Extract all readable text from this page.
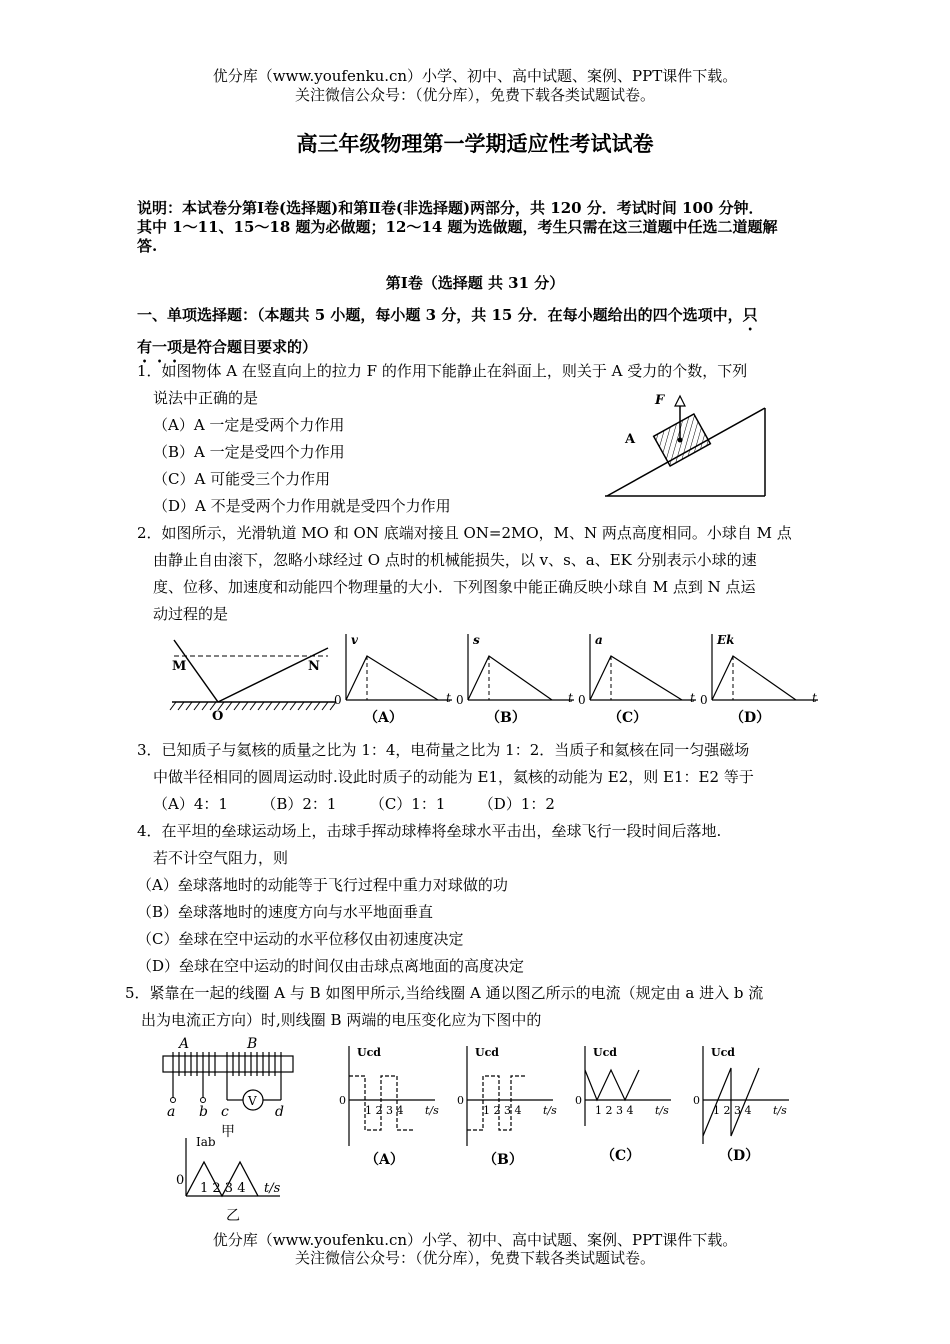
优分库（www.youfenku.cn）小学、初中、高中试题、案例、PPT课件下载。
关注微信公众号：（优分库），免费下载各类试题试卷。
高三年级物理第一学期适应性考试试卷
说明：本试卷分第Ⅰ卷(选择题)和第Ⅱ卷(非选择题)两部分，共 120 分．考试时间 100 分钟．
其中 1～11、15～18 题为必做题；12～14 题为选做题，考生只需在这三道题中任选二道题解
答.
第Ⅰ卷（选择题 共 31 分）
一、单项选择题：（本题共 5 小题，每小题 3 分，共 15 分．在每小题给出的四个选项中，只
有一项是符合题目要求的）
1．如图物体 A 在竖直向上的拉力 F 的作用下能静止在斜面上，则关于 A 受力的个数，下列
说法中正确的是
（A）A 一定是受两个力作用
（B）A 一定是受四个力作用
（C）A 可能受三个力作用
（D）A 不是受两个力作用就是受四个力作用
F
A
2．如图所示，光滑轨道 MO 和 ON 底端对接且 ON=2MO，M、N 两点高度相同。小球自 M 点
由静止自由滚下，忽略小球经过 O 点时的机械能损失，以 v、s、a、EK 分别表示小球的速
度、位移、加速度和动能四个物理量的大小．下列图象中能正确反映小球自 M 点到 N 点运
动过程的是
M	N
O
0
v
t
（A）
0
s
t
（B）
0
a
t
（C）
0
Ek
t
（D）
3．已知质子与氦核的质量之比为 1：4，电荷量之比为 1：2．当质子和氦核在同一匀强磁场
中做半径相同的圆周运动时.设此时质子的动能为 E1，氦核的动能为 E2，则 E1：E2 等于
（A）4：1 （B）2：1 （C）1：1 （D）1：2
4．在平坦的垒球运动场上，击球手挥动球棒将垒球水平击出，垒球飞行一段时间后落地.
若不计空气阻力，则
（A）垒球落地时的动能等于飞行过程中重力对球做的功
（B）垒球落地时的速度方向与水平地面垂直
（C）垒球在空中运动的水平位移仅由初速度决定
（D）垒球在空中运动的时间仅由击球点离地面的高度决定
5．紧靠在一起的线圈 A 与 B 如图甲所示,当给线圈 A 通以图乙所示的电流（规定由 a 进入 b 流
出为电流正方向）时,则线圈 B 两端的电压变化应为下图中的
V
A	B
a b c	d
甲
Iab
0
1 2 3 4 t/s
乙
Ucd
0
1 2 3 4 t/s
（A）
Ucd
0
1 2 3 4 t/s
（B）
Ucd
0
1 2 3 4 t/s
（C）
Ucd
0
1 2 3 4 t/s
（D）
优分库（www.youfenku.cn）小学、初中、高中试题、案例、PPT课件下载。
关注微信公众号：（优分库），免费下载各类试题试卷。
